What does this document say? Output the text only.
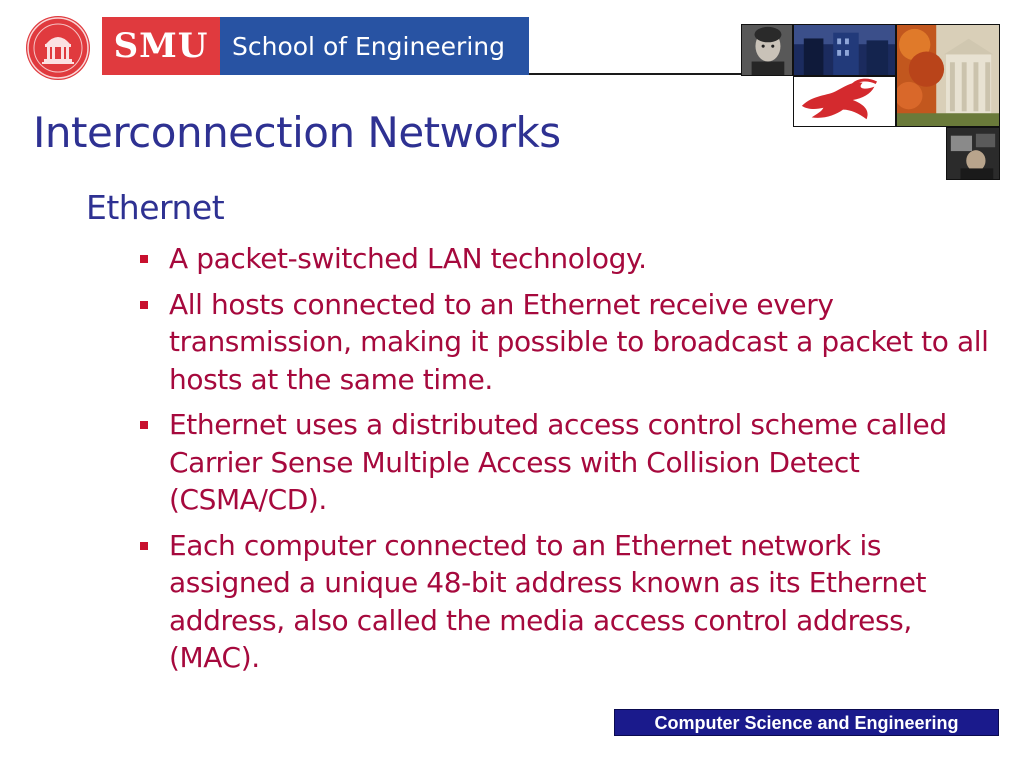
SMU School of Engineering
Interconnection Networks
Ethernet
A packet-switched LAN technology.
All hosts connected to an Ethernet receive every transmission, making it possible to broadcast a packet to all hosts at the same time.
Ethernet uses a distributed access control scheme called Carrier Sense Multiple Access with Collision Detect (CSMA/CD).
Each computer connected to an Ethernet network is assigned a unique 48-bit address known as its Ethernet address, also called the media access control address, (MAC).
Computer Science and Engineering
